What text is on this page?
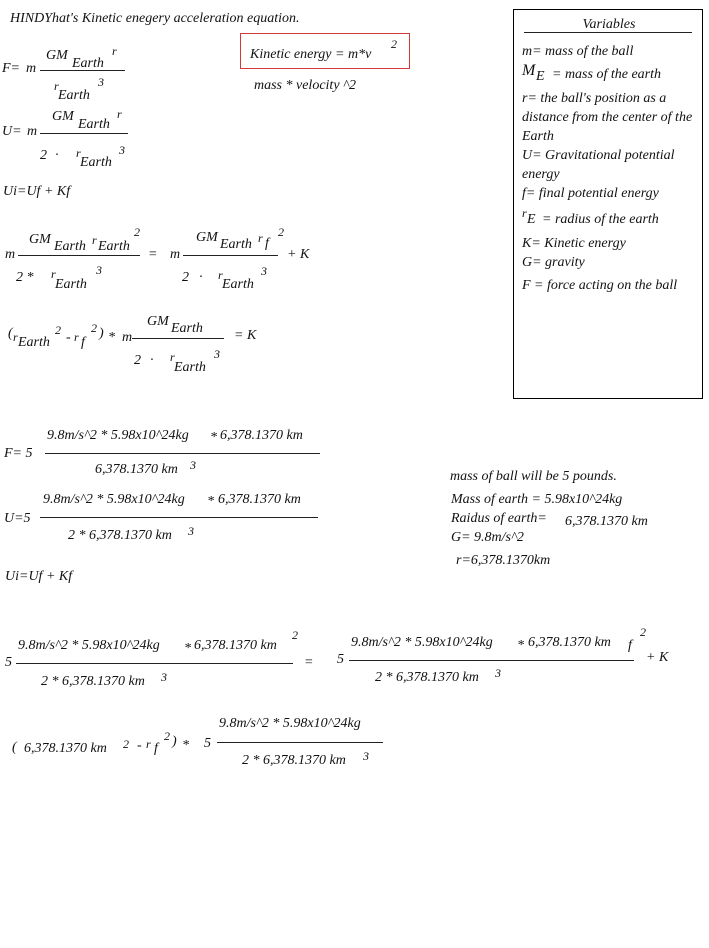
HINDYhat's Kinetic enegery acceleration equation.
Kinetic energy = m*v
2
mass * velocity ^2
F= m
GM
Earth
r
r
Earth
3
U= m
GM
Earth
r
2 · r
Earth
3
Ui=Uf + Kf
m
GM Earth r Earth
2
2 * r
Earth
3
= m
GM Earth r f
2
2 · r
Earth
3
+ K
( r Earth
2 - r f
2 ) * m
GM Earth
2 · r
Earth
3
= K
Variables
m= mass of the ball
M E = mass of the earth
r= the ball's position as a distance from the center of the Earth
U= Gravitational potential energy
f= final potential energy
r E = radius of the earth
K= Kinetic energy
G= gravity
F = force acting on the ball
F= 5
9.8m/s^2 * 5.98x10^24kg * 6,378.1370 km
6,378.1370 km 3
U=5
9.8m/s^2 * 5.98x10^24kg * 6,378.1370 km
2 * 6,378.1370 km 3
Ui=Uf + Kf
mass of ball will be 5 pounds.
Mass of earth = 5.98x10^24kg
Raidus of earth= 6,378.1370 km
G= 9.8m/s^2
r=6,378.1370km
5
9.8m/s^2 * 5.98x10^24kg * 6,378.1370 km
2
2 * 6,378.1370 km 3
= 5
9.8m/s^2 * 5.98x10^24kg * 6,378.1370 km f
2
2 * 6,378.1370 km 3
+ K
( 6,378.1370 km 2 - r f
2 ) * 5
9.8m/s^2 * 5.98x10^24kg
2 * 6,378.1370 km 3
